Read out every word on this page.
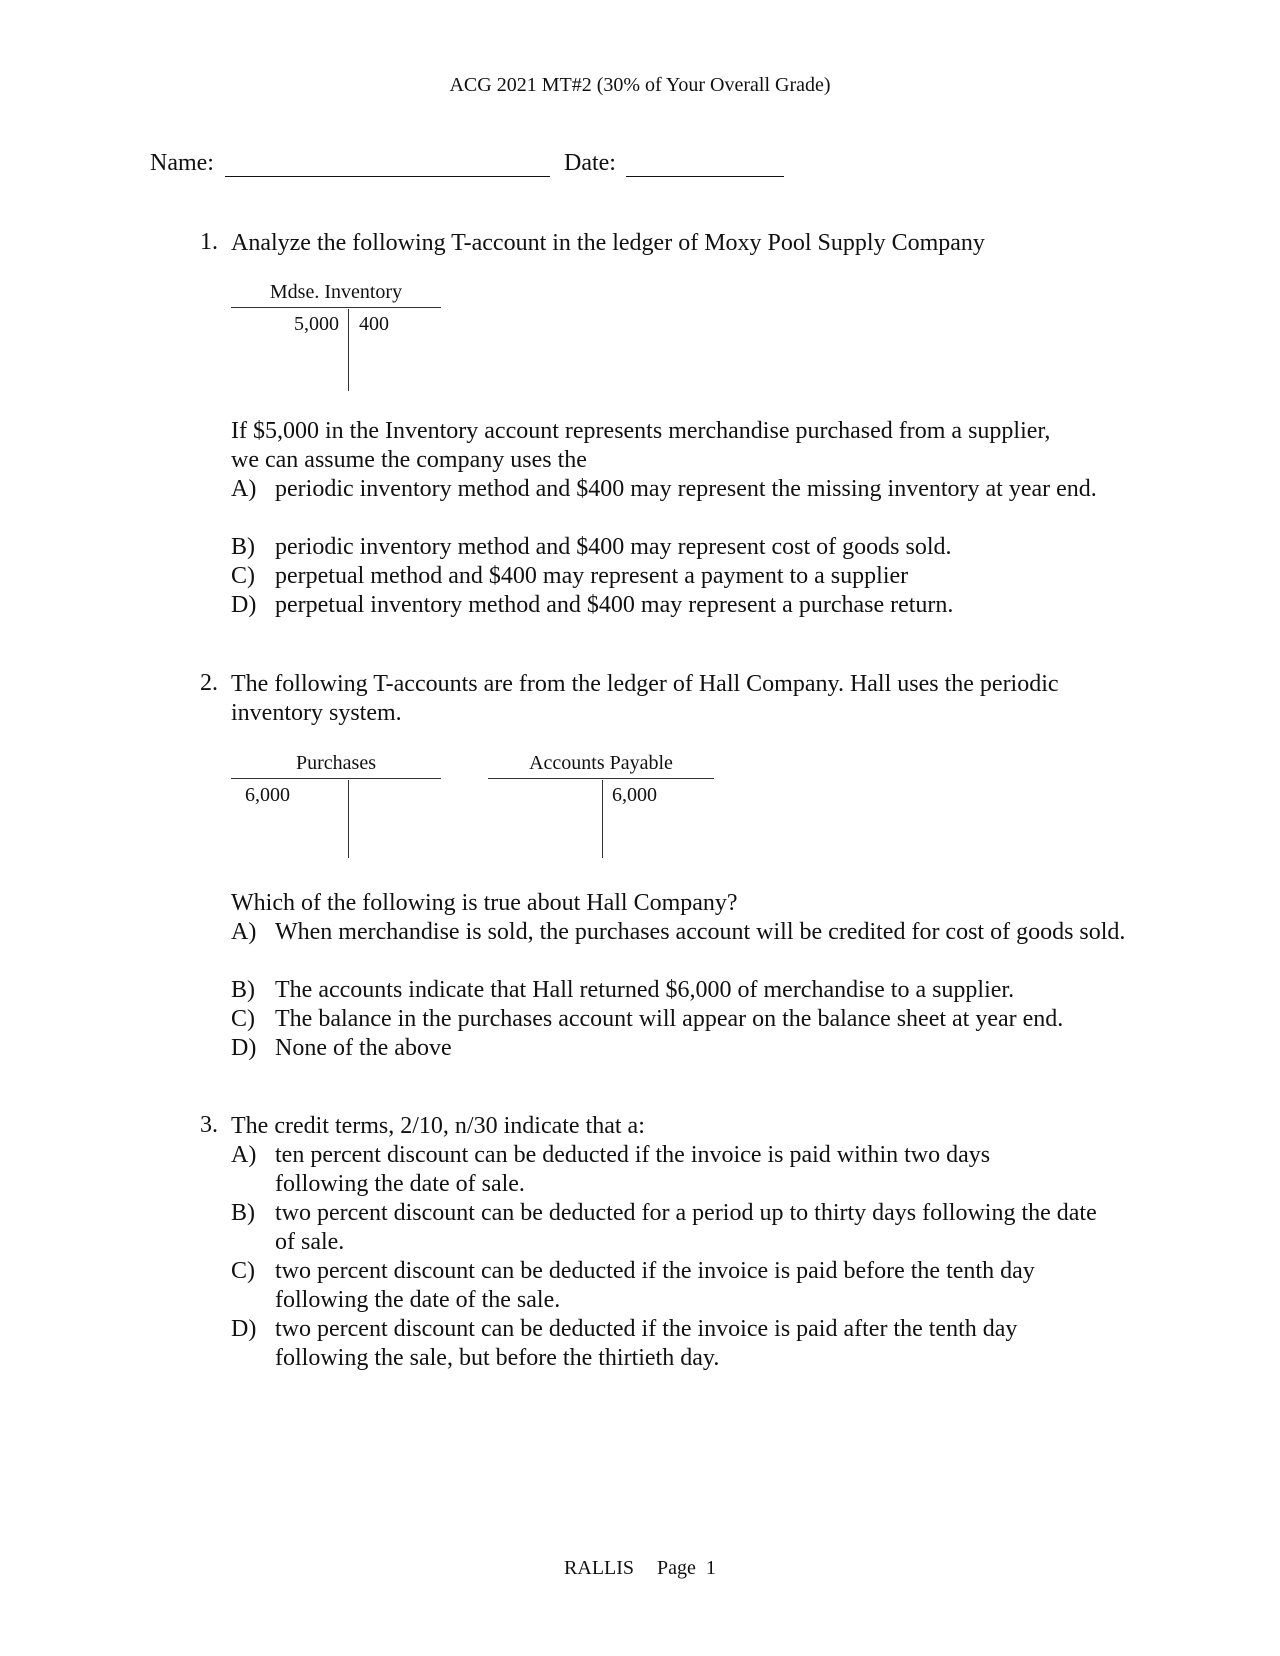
ACG 2021 MT#2 (30% of Your Overall Grade)
Name:	Date:
1. Analyze the following T-account in the ledger of Moxy Pool Supply Company
Mdse. Inventory
5,000 400
If $5,000 in the Inventory account represents merchandise purchased from a supplier,
we can assume the company uses the
A) periodic inventory method and $400 may represent the missing inventory at year end.
B) periodic inventory method and $400 may represent cost of goods sold.
C) perpetual method and $400 may represent a payment to a supplier
D) perpetual inventory method and $400 may represent a purchase return.
2. The following T-accounts are from the ledger of Hall Company. Hall uses the periodic
inventory system.
Purchases
6,000
Accounts Payable
6,000
Which of the following is true about Hall Company?
A) When merchandise is sold, the purchases account will be credited for cost of goods sold.
B) The accounts indicate that Hall returned $6,000 of merchandise to a supplier.
C) The balance in the purchases account will appear on the balance sheet at year end.
D) None of the above
3. The credit terms, 2/10, n/30 indicate that a:
A) ten percent discount can be deducted if the invoice is paid within two days following the date of sale.
B) two percent discount can be deducted for a period up to thirty days following the date of sale.
C) two percent discount can be deducted if the invoice is paid before the tenth day following the date of the sale.
D) two percent discount can be deducted if the invoice is paid after the tenth day following the sale, but before the thirtieth day.
RALLIS Page  1
